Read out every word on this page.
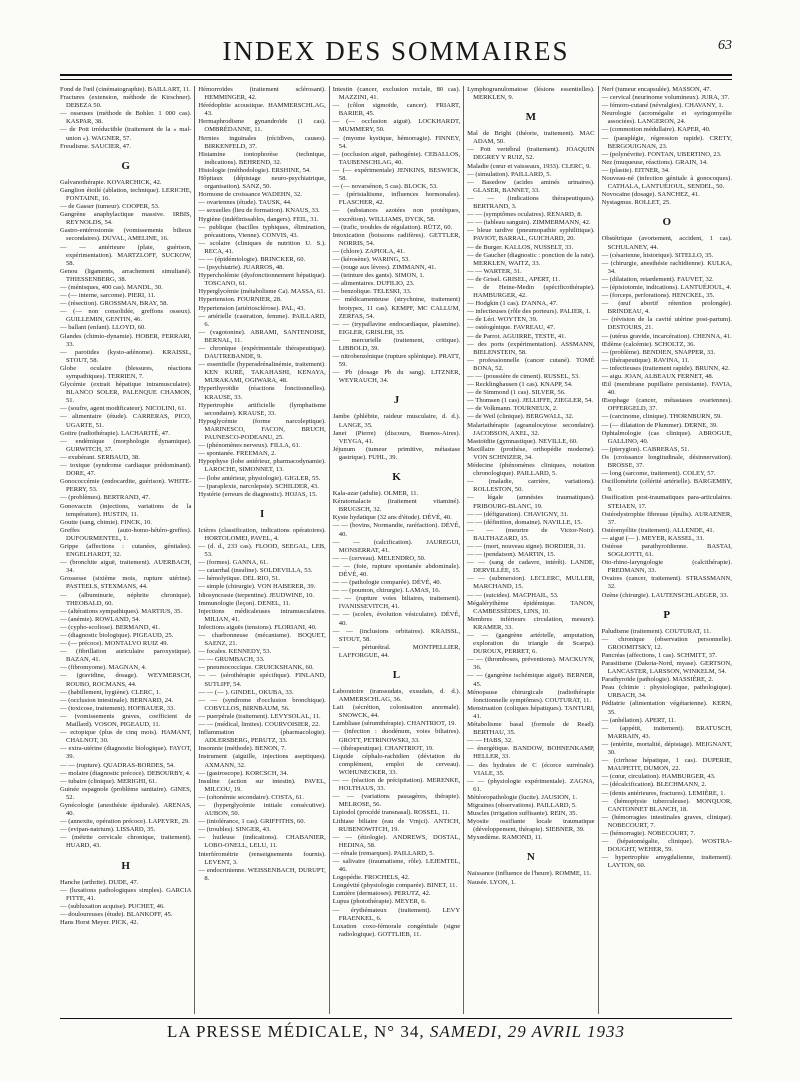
INDEX DES SOMMAIRES	63

Fond de l'œil (cinématographie). BAILLART, 11.

Fractures (extension, méthode de Kirschner). DEBEZA 50.

— osseuses (méthode de Bohler. 1 000 cas). KASPAR, 38.

— de Pott irréductible (traitement de la « mal-union »). WAGNER, 57.

Freudisme. SAUCIER, 47.

G

Galvanothérapie. KOVARCHICK, 42.

Ganglion étoilé (ablation, technique). LERICHE, FONTAINE, 16.

— de Gasser (tumeur). COOPER, 53.

Gangrène anaphylactique massive. IRBIS, REYNOLDS, 54.

Gastro-entérostomie (vomissements bilieux secondaires). DUVAL, AMELINE, 16.

— — antérieure (plaie, guérison, expérimentation). MARTZLOFF, SUCKOW, 58.

Genou (ligaments, arrachement simultané). THIESSENBERG, 38.

— (ménisques, 400 cas). MANDL, 30.

— (— interne, sarcome). PIERI, 11.

— (résection). GROSSMAN, BRAY, 58.

— (— non consolidée, greffons osseux). GUILLEMIN, GENTIN, 46.

— ballant (enfant). LLOYD, 60.

Glandes (chimio-dynamie). HOBER, FERRARI, 33.

— parotides (kysto-adénome). KRAISSL, STOUT, 58.

Globe oculaire (blessures, réactions sympathiques). TERRIEN, 7.

Glycémie (extrait hépatique intramusculaire). BLANCO SOLER, PALENQUE CHAMON, 51.

— (soufre, agent modificateur). NICOLINI, 61.

— alimentaire (étude). CARRERAS, PICO, UGARTE, 51.

Goitre (radiothérapie). LACHARITÉ, 47.

— endémique (morphologie dynamique). GURWITCH, 37.

— exubérant. SERBAUD, 38.

— toxique (syndrome cardiaque prédominant). DORE, 47.

Gonococcémie (endocardite, guérison). WHITE-PERRY, 53.

— (problèmes). BERTRAND, 47.

Gonovaccin (injections, variations de la température). HUSTIN, 11.

Goutte (sang, chimie). FINCK, 10.

Greffes (auto-homo-hétéro-greffes). DUFOURMENTEL, 1.

Grippe (affections : cutanées, génitales). ENGELHARDT, 32.

— (bronchite aiguë, traitement). AUERBACH, 34.

Grossesse (sixième mois, rupture utérine). PASTEELS, STEXMANS, 44.

— (albuminurie, néphrite chronique). THEOBALD, 60.

— (altérations sympathiques). MARTIUS, 35.

— (anémie). ROWLAND, 54.

— (cypho-scoliose). BERMAND, 41.

— (diagnostic biologique). PIGEAUD, 25.

— (— précoce). MONTALVO RUIZ 49.

— (fibrillation auriculaire paroxystique). BAZAN, 41.

— (fibromyome). MAGNAN, 4.

— (gravidine, dosage). WEYMERSCH, ROUBO, ROCMANS, 44.

— (habillement, hygiène). CLERC, 1.

— (occlusion intestinale). BERNARD, 24.

— (toxicose, traitement). HOFBAUER, 33.

— (vomissements graves, coefficient de Maillard). VOSON, PIGEAUD, 11.

— ectopique (plus de cinq mois). HAMANT, CHALNOT, 30.

— extra-utérine (diagnostic biologique). FAYOT, 39.

— — (rupture). QUADRAS-BORDES, 54.

— molaire (diagnostic précoce). DEBOURBY, 4.

— tubaire (clinique). MERIGHI, 61.

Guinée espagnole (problème sanitaire). GINES, 52.

Gynécologie (anesthésie épidurale). ARENAS, 40.

— (annexite, opération précoce). LAPEYRE, 29.

— (evipan-natrium). LISSARD, 35.

— (métrite cervicale chronique, traitement). HUARD, 43.

H

Hanche (arthrite). DUDE, 47.

— (luxations pathologiques simples). GARCIA FITTE, 41.

— (subluxation acquise). PUCHET, 46.

— douloureuses (étude). BLANKOFF, 45.

Hans Horst Meyer. PICK, 42.

Hémorroïdes (traitement sclérosant). HEMMINGER, 42.

Hérédophtie acoustique. HAMMERSCHLAG, 43.

Hermaphrodisme gynandroïde (1 cas). OMBRÉDANNE, 11.

Hernies inguinales (récidives, causes). BIRKENFELD, 37.

Histamine iontophorèse (technique, indications). BEHREND, 32.

Histologie (méthodologie). ERSHINE, 54.

Hôpitaux (dépistage neuro-psychiatrique, organisation). SANZ, 50.

Hormone de croissance WADEHN, 32.

— ovariennes (étude). TAUSK, 44.

— sexuelles (lieu de formation). KNAUS, 33.

Hygiène (indéfinissables, dangers). FEIL, 31.

— publique (bacilles typhiques, élimination, précautions, Vienne). CONVIS, 43.

— scolaire (cliniques de nutrition U. S.). RECA, 41.

— — (épidémiologie). BRINCKER, 60.

— (psychiatrie). JUARROS, 48.

Hypercholémie (dysfonctionnement hépatique). TOSCANO, 61.

Hyperglycémie (métabolisme Ca). MASSA, 61.

Hypertension. FOURNIER, 28.

Hypertension (artériosclérose). PAL, 43.

— artérielle (castration, femme). PAILLARD, 6.

— (vagotonine). ABRAMI, SANTENOISE, BERNAL, 11.

— chronique (expérimentale thérapeutique). DAUTREBANDE, 9.

— essentielle (hyperadrénalinémie, traitement). KEN KURÉ, TAKAHASHI, KENAYA, MURAKAMI, OGIWARA, 48.

Hyperthyroïdie (réactions fonctionnelles). KRAUSE, 33.

Hypertrophie artificielle (lymphatisme secondaire). KRAUSE, 33.

Hypoglycémie (forme narcoleptique). MARINESCO, FACON, BRUCH, PAUNESCO-PODEANU, 25.

— (phénomènes nerveux). FILLA, 61.

— spontanée. FREEMAN, 2.

Hypophyse (lobe antérieur, pharmacodynamie). LAROCHE, SIMONNET, 13.

— (lobe antérieur, physiologie). GIGLER, 55.

— (paraplexie, narcolepsie). SCHILDER, 43.

Hystérie (erreurs de diagnostic). HOJAS, 15.

I

Ictères (classification, indications opératoires). HORTOLOMEI, PAVEL, 4.

— (d. d., 233 cas). FLOOD, SEEGAL, LEB, 53.

— (formes). GANNA, 61.

— catarrhal (insuline). SOLDEVILLA, 53.

— hémolytique. DEL RIO, 51.

— simple (chirurgie). VON HABERER, 39.

Idiosyncrasie (terpentine). JEUDWINE, 10.

Immunologie (leçon). DENEL, 11.

Injections médicaleuses intramusculaires. MILIAN, 41.

Infections aiguës (tensions). FLORIANI, 40.

— charbonneuse (mécanisme). BOQUET, SAENZ, 21.

— focales. KENNEDY, 53.

— — GRUMBACH, 33.

— pneumococcique. CRUICKSHANK, 60.

— — (sérothérapie spécifique). FINLAND, SUTLIFF, 54.

— — (— ). GINDEL, OKUBA, 33.

— — (syndrome d'occlusion bronchique). COBYLLOS, BIRNBAUM, 56.

— puerpérale (traitement). LEVYSOLAL, 11.

— — (médical, limites). COURVOISIER, 22.

Inflammation (pharmacologie). ADLERSBERG, PERUTZ, 33.

Insomnie (méthode). BENON, 7.

Instrument (aiguille, injections aseptiques). AXMANN, 32.

— (gastroscope). KORCSCH, 34.

Insuline (action sur intestin). PAVEL, MILCOU, 19.

— (cétonémie secondaire). COSTA, 61.

— (hyperglycémie initiale consécutive). AUBON, 50.

— (intolérance, 1 cas). GRIFFITHS, 60.

— (troubles). SINGER, 43.

— huileuse (indications). CHABANIER, LOBO-ONELL, LELU, 11.

Interférométrie (renseignements fournis). LEVENT, 3.

— endocrinienne. WEISSENBACH, DURUPT, 8.

Intestin (cancer, exclusion rectale, 80 cas). MAZZINI, 41.

— (côlon sigmoïde, cancer). FRIART, BARIER, 45.

— (— occlusion aiguë). LOCKHARDT, MUMMERY, 50.

— (myome kystique, hémorragie). FINNEY, 54.

— (occlusion aiguë, pathogénie). CEBALLOS, TAUBENSCHLAG, 40.

— (— expérimentale) JENKINS, BESWICK, 58.

— (— novarsénon, 5 cas). BLOCK, 53.

— (péristaltisme, influences hormonales). FLASCHER, 42.

— (substances azotées non protéiques, excrétion). WILLIAMS, DYCK, 58.

— (trafic, troubles de régulation). RÜTZ, 60.

Intoxication (boissons radifères). GETTLER, NORRIS, 54.

— (chlore). ZAPIOLA, 41.

— (kérosène). WARING, 53.

— (rouge aux lèvres). ZIMMANN, 41.

— (teinture des gants). SIMON, 1.

— alimentaires. DUFILIO, 23.

— benzolique. TELESKI, 33.

— médicamenteuse (strychnine, traitement) brotypex, 11 cas). KEMPF, MC CALLUM, ZERFAS, 54.

— — (trypaflavine endocardiaque, plasmine). EIGLER, GRISLER, 35.

— mercurielle (traitement, critique). LIBBOLD, 39.

— nitrobenzénique (rupture splénique). PRATT, 59.

— Pb (dosage Pb du sang). LITZNER, WEYRAUCH, 34.

J

Jambe (phlébite, raideur musculaire, d. d.). LANGE, 35.

Janet (Pierre) (discours, Buenos-Aires). VEYGA, 41.

Jéjunum (tumeur primitive, métastase gastrique). FUHL, 39.

K

Kala-azar (adulte). OLMER, 11.

Kératomalacie (traitement vitaminé). BRUGSCH, 32.

Kyste hydatique (32 ans d'étude). DÉVÉ, 40.

— — (bovins, Normandie, raréfaction). DÉVÉ, 40.

— — (calcification). JAUREGUI, MONSERRAT, 41.

— — (cerveau). MELENDRO, 50.

— — (foie, rupture spontanée abdominale). DÉVÉ, 40.

— — (pathologie comparée). DÉVÉ, 40.

— — (poumon, chirurgie). LAMAS, 16.

— — (rupture voies biliaires, traitement). IVANISSEVITCH, 41.

— — (scolex, évolution vésiculaire). DÉVÉ, 40.

— — (inclusions orbitaires). KRAISSL, STOUT, 58.

— périurétral. MONTPELLIER, LAFFORGUE, 44.

L

Laboratoire (transsudats, exsudats, d. d.). AMMERSCHLAG, 36.

Lait (sécrétion, colonisation anormale). SNOWCK, 44.

Lambliase (sérumthérapie). CHANTRIOT, 19.

— (infection : duodénum, voies biliaires). GROTT, PETRINOWSKI, 33.

— (thérapeutique). CHANTRIOT, 19.

Liquide céphalo-rachidien (déviation du complément, emploi de cerveau). WOHUNECKER, 33.

— — (réaction de précipitation). MERENKE, HOLTHAUS, 33.

— — (variations passagères, thérapie). MELROSE, 56.

Lipiodol (procédé transnasal). ROSSEL, 11.

Lithiase biliaire (eau de Vrnjci). ANTICH, RUBENOWITCH, 19.

— — (étiologie). ANDREWS, DOSTAL, HEDINA, 58.

— rénale (remarques). PAILLARD, 5.

— salivaire (traumatisme, rôle). LEJEMTEL, 46.

Logopédie. FROCHELS, 42.

Longévité (physiologie comparée). BINET, 11.

Lumière (dermatoses). PERUTZ, 42.

Lupus (photothérapie). MEYER, 6.

— érythémateux (traitement). LEVY FRAENKEL, 6.

Luxation coxo-fémorale congénitale (signe radiologique). GOTTLIEB, 11.

Lymphogranulomatose (lésions essentielles). MERKLEN, 9.

M

Mal de Bright (théorie, traitement). MAC ADAM, 50.

— Pott vertébral (traitement). JOAQUIN DEGREY Y RUIZ, 52.

Maladie (cœur et vaisseaux, 1933). CLERC, 9.

— (simulation). PAILLARD, 5.

— Basedow (acides aminés urinaires). GLASER, BANNET, 33.

— — (indications thérapeutiques). BERTRAND, 3.

— — (symptômes oculaires). RENARD, 8.

— — (tableau sanguin). ZIMMERMANN, 42.

— bleue tardive (pneumopathie syphilitique). PAVIOT, BARRAL, GUICHARD, 20.

— de Burger. KALLOS, NUSSELT, 33.

— de Gaucher (diagnostic : ponction de la rate). MERKLEN, WAITZ, 33.

— — WARTER, 31.

— de Grisel. GRISEL, APERT, 11.

— de Heine-Medin (spécificothérapie). HAMBURGER, 42.

— Hodgkin (1 cas). D'ANNA, 47.

— infectieuses (rôle des porteurs). PALIER, 1.

— de Léri. WOYTEN, 39.

— ostéogénique. FAVREAU, 47.

— de Parrot. AGUIRRE, TESTE, 41.

— des ports (expérimentation). ASSMANN, BIELENSTEIN, 58.

— professionnelle (cancer cutané). TOMÉ BONA, 52.

— — (poussière de ciment). RUSSEL, 53.

— Recklinghausen (1 cas). KNAPP, 54.

— de Simmond (1 cas). SILVER, 56.

— Thomsen (1 cas). JELLIFFE, ZIEGLER, 54.

— de Volkmann. TOURNEUX, 2.

— de Weil (clinique). BERGWALL, 32.

Malariathérapie (agranulocytose secondaire). JACOBSON, AXEL, 32.

Mastoïdite (gymnastique). NEVILLE, 60.

Maxillaire (prothèse, orthopédie moderne). VON SCHNIZER, 34.

Médecine (phénomènes cliniques, notation chronologique). PAILLARD, 5.

— (maladie, carrière, variations). ROLLESTON, 50.

— légale (amnésies traumatiques). FRIBOURG-BLANC, 19.

— — (défiguration). CHAVIGNY, 31.

— — (définition, domaine). NAVILLE, 15.

— — (meurtre de Victor-Noir). BALTHAZARD, 15.

— — (mort, nouveau signe). BORDIER, 31.

— — (pendaison). MARTIN, 15.

— — (sang de cadavre, intérêt). LANDE, DERVILLÉE, 15.

— — (submersion). LECLERC, MULLER, MARCHAND, 15.

— — (suicides). MACPHAIL, 53.

Mégalérythème épidémique. TANON, CAMBESSÈDES, LINS, 10.

Membres inférieurs circulation, mesure). KRAMER, 33.

— — (gangrène artérielle, amputation, exploration du triangle de Scarpa). DUROUX, PERRET, 6.

— — (thromboses, préventions). MACKUYN, 36.

— — (gangrène ischémique aiguë). BERNER, 45.

Ménopause chirurgicale (radiothérapie fonctionnelle symptômes). COUTURAT, 11.

Menstruation (coliques hépatiques). TANTURI, 41.

Métabolisme basal (formule de Read). BERTHAU, 35.

— — HABS, 32.

— énergétique. BANDOW, BOHNENKAMP, HELLER, 33.

— des hydrates de C (écorce surrénale). VIALE, 35.

— — (physiologie expérimentale). ZAGNA, 61.

Météoropathologie (lucite). JAUSION, 1.

Migraines (observations). PAILLARD, 5.

Muscles (irrigation suffisante). REIN, 35.

Myosite ossifiante locale traumatique (développement, thérapie). SIEBNER, 39.

Myxœdème. RAMOND, 11.

N

Naissance (influence de l'heure). ROMME, 11.

Nausée. LYON, 1.

Nerf (tumeur encapsulée). MASSON, 47.

— cervical (neurinome volumineux). JURA, 37.

— fémoro-cutané (névralgies). CHAVANY, 1.

Neurologie (acromégalie et syringomyélie associées). LANGERON, 24.

— (commotion médullaire). KAPER, 40.

— (paraplégie, régression rapide). CRETY, BERGOUIGNAN, 23.

— (polynévrite). FONTAN, UBERTINO, 23.

Nez (muqueuse, réactions). GRAIN, 14.

— (plastie). EITNER, 34.

Nouveau-né (infection génitale à gonocoques). CATHALA, LANTUÉJOUL, SENDEL, 50.

Novocaïne (dosage). SANCHEZ, 41.

Nystagmus. ROLLET, 25.

O

Obstétrique (avortement, accident, 1 cas). SCHULANEY, 44.

— (césarienne, historique). SITELLO, 35.

— (chirurgie, anesthésie rachidienne). KULKA, 34.

— (dilatation, retardement). FAUVET, 32.

— (épisiotomie, indications). LANTUÉJOUL, 4.

— (forceps, perforations). HENCKEL, 35.

— (œuf abortif rétention prolongée). BRINDEAU, 4.

— (révision de la cavité utérine post-partum). DESTOURS, 21.

— (utérus gravide, incarcération). CHENNA, 41.

Œdème (calcémie). SCHOLTZ, 36.

— (problème). BENDIEN, SNAPPER, 33.

— (thérapeutique). RAVINA, 11.

— infectieuses (traitement rapide). BRUNN, 42.

— aigu. JOAN, ALBEAUX FERNET, 48.

Œil (membrane pupillaire persistante). FAVIA, 40.

Œsophage (cancer, métastases ovariennes). OFFERGELD, 37.

— (carcinome, clinique). THORNBURN, 59.

— (— dilatation de Plummer). DERNE, 39.

Ophtalmologie (cas clinique). ABROGUE, GALLINO, 40.

— (pterygion). CABRERAS, 51.

Os (croissance longitudinale, désinnervation). BROSSE, 37.

— long (sarcome, traitement). COLEY, 57.

Oscillométrie (célérité artérielle). BARGEMBY, 9.

Ossification post-traumatiques para-articulaires. STEIAEN, 17.

Ostéodystrophie fibreuse (épulis). AURAENER, 37.

Ostéomyélite (traitement). ALLENDE, 41.

— aiguë (— ). MEYER, KASSEL, 31.

Ostéose parathyroïdienne. BASTAI, SOGLIOTTI, 61.

Oto-rhino-laryngologie (calcithérapie). FREDMANN, 33.

Ovaires (cancer, traitement). STRASSMANN, 32.

Ozène (chirurgie). LAUTENSCHLAEGER, 33.

P

Paludisme (traitement). COUTURAT, 11.

— chronique (observation personnelle). GROOMITSKY, 12.

Pancréas (affections, 1 cas). SCHMITT, 37.

Parasitisme (Dakota-Nord, myase). GERTSON, LANCASTER, LARSSON, WINKELM, 54.

Parathyroïde (pathologie). MASSIÈRE, 2.

Peau (chimie : physiologique, pathologique). URBACH, 34.

Pédiatrie (alimentation végétarienne). KERN, 35.

— (anhélation). APERT, 11.

— (appétit, traitement). BRATUSCH, MARRAIN, 43.

— (entérite, mortalité, dépistage). MEIGNANT, 30.

— (cirrhose hépatique, 1 cas). DUPERIE, MAUPETIT, DUMON, 22.

— (cœur, circulation). HAMBURGER, 43.

— (décalcification). BLECHMANN, 2.

— (dents antérieures, fractures). LEMIÈRE, 1.

— (hémoptysie tuberculeuse). MONQUOR, CANTONNET BLANCH, 18.

— (hémorragies intestinales graves, clinique). NOBECOURT, 7.

— (hémorragie). NOBECOURT, 7.

— (hépatomégalie, clinique). WOSTRA-DOUGHT, WEHER, 59.

— hypertrophie amygdalienne, traitement). LAYTON, 60.

LA PRESSE MÉDICALE, N° 34, SAMEDI, 29 AVRIL 1933
